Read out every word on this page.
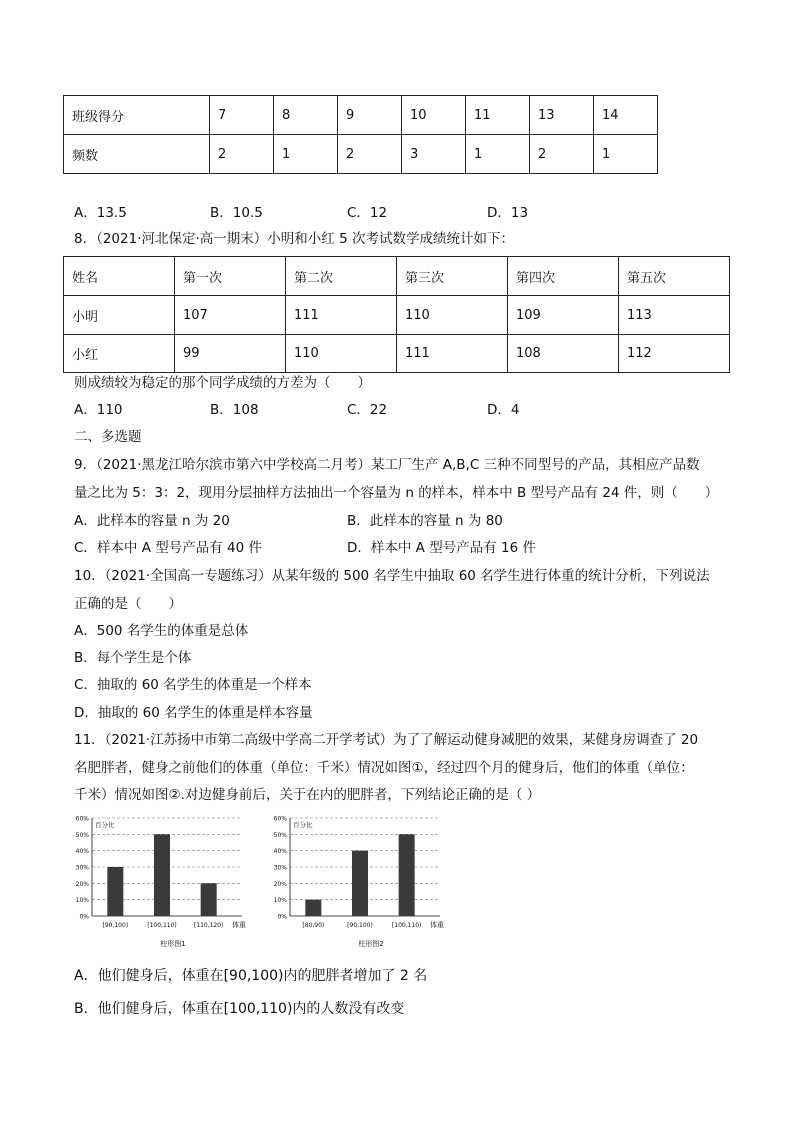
班级得分	7	8	9	10	11	13	14
频数	2	1	2	3	1	2	1
A．13.5	B．10.5	C．12	D．13
8．（2021·河北保定·高一期末）小明和小红 5 次考试数学成绩统计如下：
姓名	第一次	第二次	第三次	第四次	第五次
小明	107	111	110	109	113
小红	99	110	111	108	112
则成绩较为稳定的那个同学成绩的方差为（　　）
A．110	B．108	C．22	D．4
二、多选题
9．（2021·黑龙江哈尔滨市第六中学校高二月考）某工厂生产 A,B,C 三种不同型号的产品，其相应产品数
量之比为 5：3：2，现用分层抽样方法抽出一个容量为 n 的样本，样本中 B 型号产品有 24 件，则（　　）
A．此样本的容量 n 为 20	B．此样本的容量 n 为 80
C．样本中 A 型号产品有 40 件	D．样本中 A 型号产品有 16 件
10．（2021·全国高一专题练习）从某年级的 500 名学生中抽取 60 名学生进行体重的统计分析，下列说法
正确的是（　　）
A．500 名学生的体重是总体
B．每个学生是个体
C．抽取的 60 名学生的体重是一个样本
D．抽取的 60 名学生的体重是样本容量
11．（2021·江苏扬中市第二高级中学高二开学考试）为了了解运动健身减肥的效果，某健身房调查了 20
名肥胖者，健身之前他们的体重（单位：千米）情况如图①，经过四个月的健身后，他们的体重（单位：
千米）情况如图②.对边健身前后，关于在内的肥胖者，下列结论正确的是（ ）
0%
10%
20%
30%
40%
50%
60%
百分比
[90,100)	[100,110)	[110,120) 体重
柱形图1
0%
10%
20%
30%
40%
50%
60%
百分比
[80,90)	[90,100)	[100,110) 体重
柱形图2
A．他们健身后，体重在[90,100)内的肥胖者增加了 2 名
B．他们健身后，体重在[100,110)内的人数没有改变
